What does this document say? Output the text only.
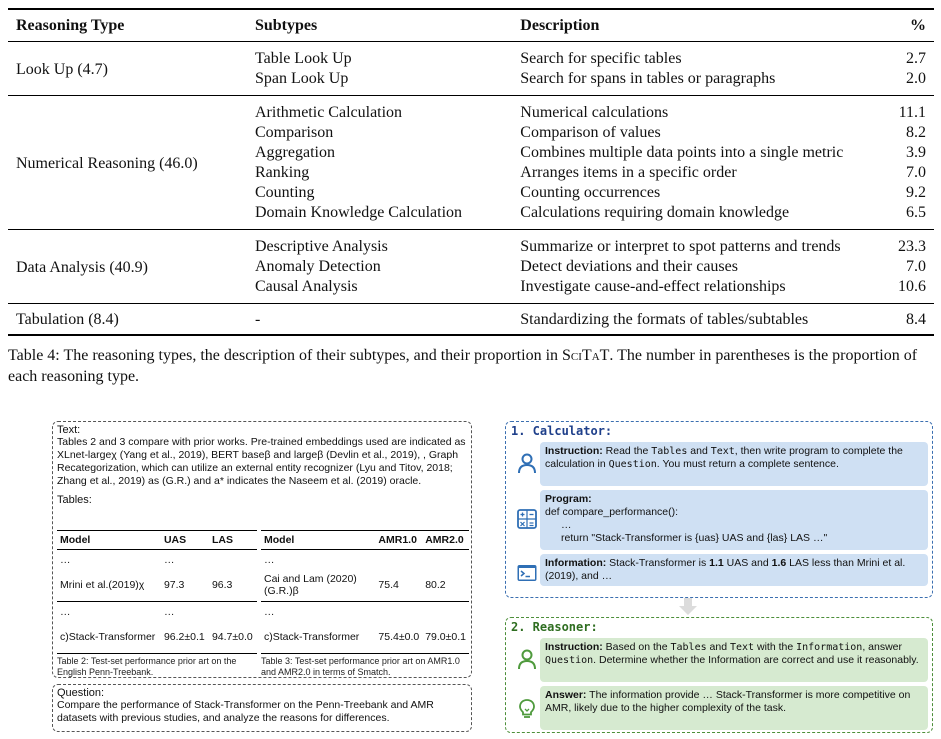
Reasoning Type	Subtypes	Description	%
Look Up (4.7)	Table Look Up	Search for specific tables	2.7
	Span Look Up	Search for spans in tables or paragraphs	2.0
Numerical Reasoning (46.0)	Arithmetic Calculation	Numerical calculations	11.1
	Comparison	Comparison of values	8.2
	Aggregation	Combines multiple data points into a single metric	3.9
	Ranking	Arranges items in a specific order	7.0
	Counting	Counting occurrences	9.2
	Domain Knowledge Calculation	Calculations requiring domain knowledge	6.5
Data Analysis (40.9)	Descriptive Analysis	Summarize or interpret to spot patterns and trends	23.3
	Anomaly Detection	Detect deviations and their causes	7.0
	Causal Analysis	Investigate cause-and-effect relationships	10.6
Tabulation (8.4)	-	Standardizing the formats of tables/subtables	8.4
Table 4: The reasoning types, the description of their subtypes, and their proportion in SciTaT. The number in parentheses is the proportion of each reasoning type.
Text:
Tables 2 and 3 compare with prior works. Pre-trained embeddings used are indicated as XLnet-largeχ (Yang et al., 2019), BERT baseβ and largeβ (Devlin et al., 2019), , Graph Recategorization, which can utilize an external entity recognizer (Lyu and Titov, 2018; Zhang et al., 2019) as (G.R.) and a* indicates the Naseem et al. (2019) oracle.
Tables:
Model	UAS	LAS
…	…	
Mrini et al.(2019)χ	97.3	96.3
…	…	
c)Stack-Transformer	96.2±0.1	94.7±0.0
Table 2: Test-set performance prior art on the English Penn-Treebank.
Model	AMR1.0	AMR2.0
…		
Cai and Lam (2020) (G.R.)β	75.4	80.2
…		
c)Stack-Transformer	75.4±0.0	79.0±0.1
Table 3: Test-set performance prior art on AMR1.0 and AMR2.0 in terms of Smatch.
Question:
Compare the performance of Stack-Transformer on the Penn-Treebank and AMR datasets with previous studies, and analyze the reasons for differences.
1. Calculator:
Instruction: Read the Tables and Text, then write program to complete the calculation in Question. You must return a complete sentence.
Program:
def compare_performance():
…
return "Stack-Transformer is {uas} UAS and {las} LAS …"
Information: Stack-Transformer is 1.1 UAS and 1.6 LAS less than Mrini et al.(2019), and …
2. Reasoner:
Instruction: Based on the Tables and Text with the Information, answer Question. Determine whether the Information are correct and use it reasonably.
Answer: The information provide … Stack-Transformer is more competitive on AMR, likely due to the higher complexity of the task.
